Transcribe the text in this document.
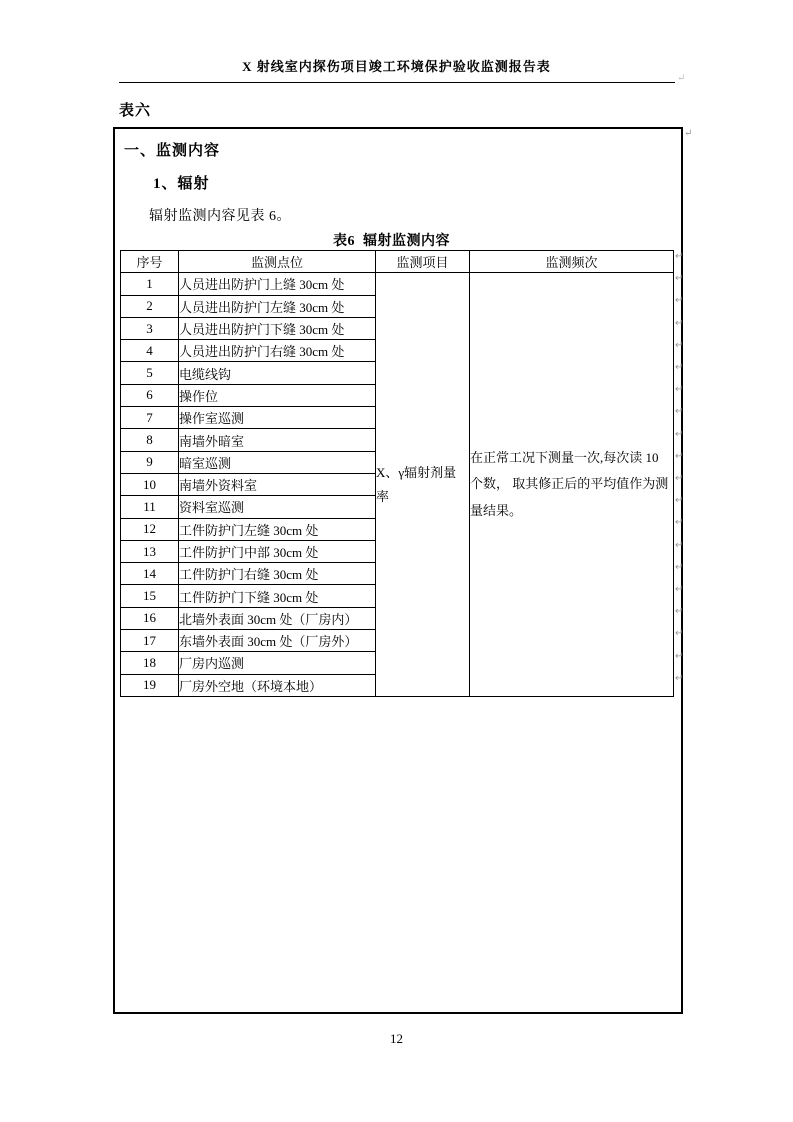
X 射线室内探伤项目竣工环境保护验收监测报告表
↵
表六
↵
一、监测内容
1、辐射
辐射监测内容见表 6。
表6  辐射监测内容
序号	监测点位	监测项目	监测频次
1	人员进出防护门上缝 30cm 处	X、γ辐射剂量率	在正常工况下测量一次,每次读 10 个数， 取其修正后的平均值作为测量结果。
2	人员进出防护门左缝 30cm 处		
3	人员进出防护门下缝 30cm 处		
4	人员进出防护门右缝 30cm 处		
5	电缆线钩		
6	操作位		
7	操作室巡测		
8	南墙外暗室		
9	暗室巡测		
10	南墙外资料室		
11	资料室巡测		
12	工件防护门左缝 30cm 处		
13	工件防护门中部 30cm 处		
14	工件防护门右缝 30cm 处		
15	工件防护门下缝 30cm 处		
16	北墙外表面 30cm 处（厂房内）		
17	东墙外表面 30cm 处（厂房外）		
18	厂房内巡测		
19	厂房外空地（环境本地）		
↵
↵
↵
↵
↵
↵
↵
↵
↵
↵
↵
↵
↵
↵
↵
↵
↵
↵
↵
↵
12
